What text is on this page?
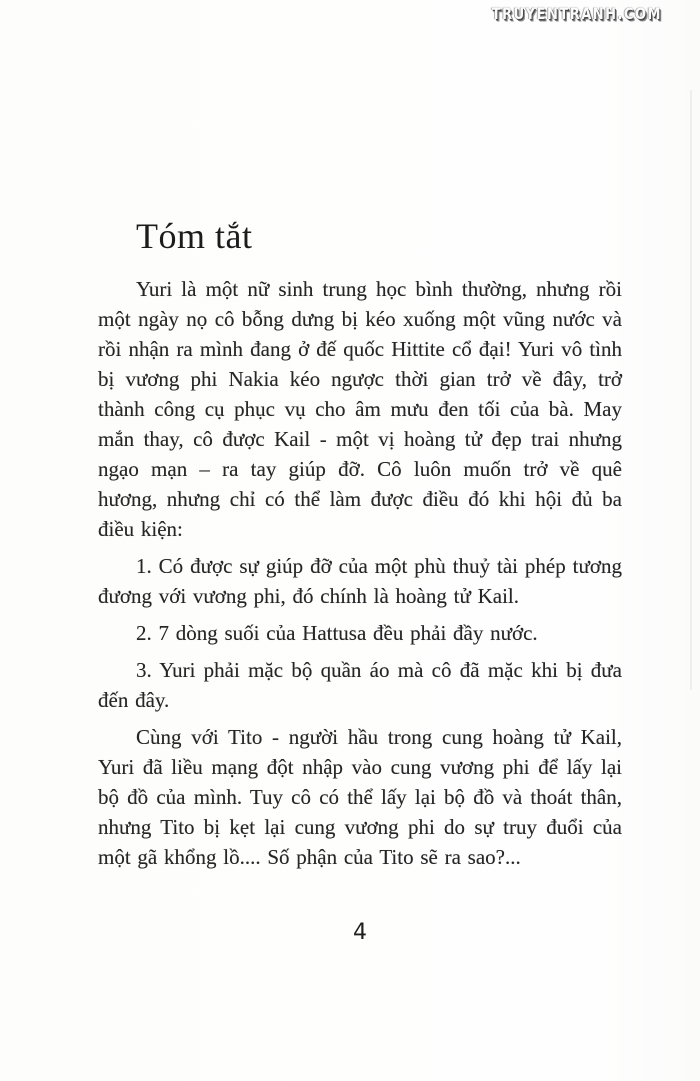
TRUYENTRANH.COM
Tóm tắt

Yuri là một nữ sinh trung học bình thường, nhưng rồi một ngày nọ cô bỗng dưng bị kéo xuống một vũng nước và rồi nhận ra mình đang ở đế quốc Hittite cổ đại! Yuri vô tình bị vương phi Nakia kéo ngược thời gian trở về đây, trở thành công cụ phục vụ cho âm mưu đen tối của bà. May mắn thay, cô được Kail - một vị hoàng tử đẹp trai nhưng ngạo mạn – ra tay giúp đỡ. Cô luôn muốn trở về quê hương, nhưng chỉ có thể làm được điều đó khi hội đủ ba điều kiện:

1. Có được sự giúp đỡ của một phù thuỷ tài phép tương đương với vương phi, đó chính là hoàng tử Kail.

2. 7 dòng suối của Hattusa đều phải đầy nước.

3. Yuri phải mặc bộ quần áo mà cô đã mặc khi bị đưa đến đây.

Cùng với Tito - người hầu trong cung hoàng tử Kail, Yuri đã liều mạng đột nhập vào cung vương phi để lấy lại bộ đồ của mình. Tuy cô có thể lấy lại bộ đồ và thoát thân, nhưng Tito bị kẹt lại cung vương phi do sự truy đuổi của một gã khổng lồ.... Số phận của Tito sẽ ra sao?...

4
